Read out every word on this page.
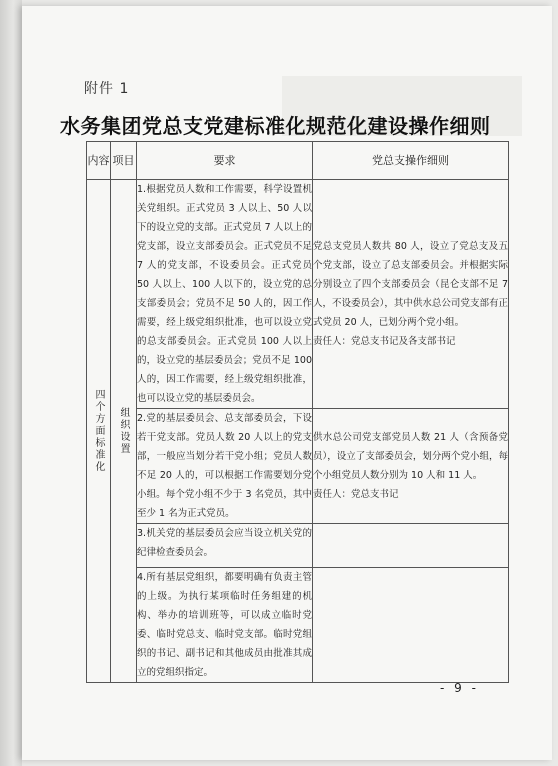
附件 1
水务集团党总支党建标准化规范化建设操作细则
内容	项目	要求	党总支操作细则
四个方面标准化	组织设置	1.根据党员人数和工作需要，科学设置机关党组织。正式党员 3 人以上、50 人以下的设立党的支部。正式党员 7 人以上的党支部，设立支部委员会。正式党员不足 7 人的党支部，不设委员会。正式党员 50 人以上、100 人以下的，设立党的总支部委员会；党员不足 50 人的，因工作需要，经上级党组织批准，也可以设立党的总支部委员会。正式党员 100 人以上的，设立党的基层委员会；党员不足 100 人的，因工作需要，经上级党组织批准，也可以设立党的基层委员会。	党总支党员人数共 80 人，设立了党总支及五个党支部，设立了总支部委员会。并根据实际分别设立了四个支部委员会（昆仑支部不足 7 人，不设委员会），其中供水总公司党支部有正式党员 20 人，已划分两个党小组。
责任人：党总支书记及各支部书记

		2.党的基层委员会、总支部委员会，下设若干党支部。党员人数 20 人以上的党支部，一般应当划分若干党小组；党员人数不足 20 人的，可以根据工作需要划分党小组。每个党小组不少于 3 名党员，其中至少 1 名为正式党员。	供水总公司党支部党员人数 21 人（含预备党员），设立了支部委员会，划分两个党小组，每个小组党员人数分别为 10 人和 11 人。
责任人：党总支书记

		3.机关党的基层委员会应当设立机关党的纪律检查委员会。	
		4.所有基层党组织，都要明确有负责主管的上级。为执行某项临时任务组建的机构、举办的培训班等，可以成立临时党委、临时党总支、临时党支部。临时党组织的书记、副书记和其他成员由批准其成立的党组织指定。	
- 9 -
